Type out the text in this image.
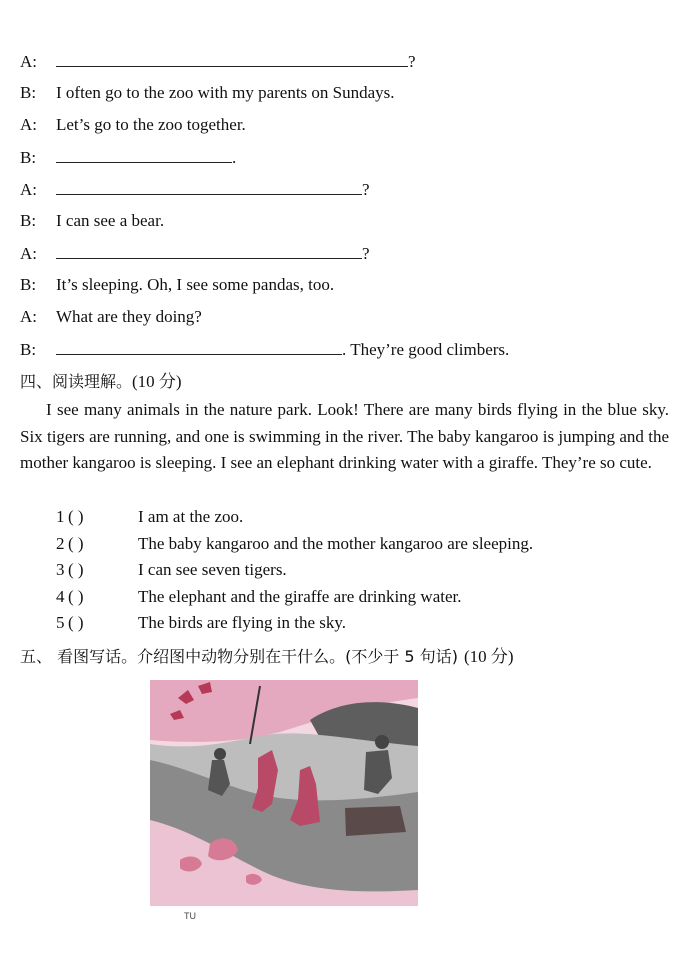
A:	?
B: I often go to the zoo with my parents on Sundays.
A: Let’s go to the zoo together.
B:	.
A:	?
B: I can see a bear.
A:	?
B: It’s sleeping. Oh, I see some pandas, too.
A: What are they doing?
B:	. They’re good climbers.
四、阅读理解。(10 分)
I see many animals in the nature park. Look! There are many birds flying in the blue sky. Six tigers are running, and one is swimming in the river. The baby kangaroo is jumping and the mother kangaroo is sleeping. I see an elephant drinking water with a giraffe. They’re so cute.
1 ( )	I am at the zoo.
2 ( )	The baby kangaroo and the mother kangaroo are sleeping.
3 ( )	I can see seven tigers.
4 ( )	The elephant and the giraffe are drinking water.
5 ( )	The birds are flying in the sky.
五、 看图写话。介绍图中动物分别在干什么。(不少于 5 句话) (10 分)
TU
